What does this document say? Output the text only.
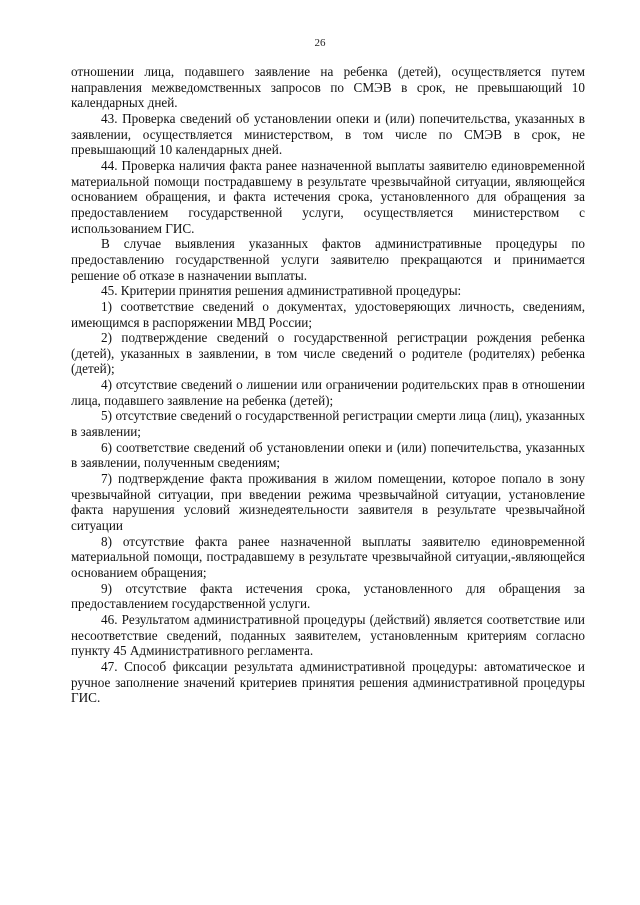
26

отношении лица, подавшего заявление на ребенка (детей), осуществляется путем направления межведомственных запросов по СМЭВ в срок, не превышающий 10 календарных дней.

43. Проверка сведений об установлении опеки и (или) попечительства, указанных в заявлении, осуществляется министерством, в том числе по СМЭВ в срок, не превышающий 10 календарных дней.

44. Проверка наличия факта ранее назначенной выплаты заявителю единовременной материальной помощи пострадавшему в результате чрезвычайной ситуации, являющейся основанием обращения, и факта истечения срока, установленного для обращения за предоставлением государственной услуги, осуществляется министерством с использованием ГИС.

В случае выявления указанных фактов административные процедуры по предоставлению государственной услуги заявителю прекращаются и принимается решение об отказе в назначении выплаты.

45. Критерии принятия решения административной процедуры:

1) соответствие сведений о документах, удостоверяющих личность, сведениям, имеющимся в распоряжении МВД России;

2) подтверждение сведений о государственной регистрации рождения ребенка (детей), указанных в заявлении, в том числе сведений о родителе (родителях) ребенка (детей);

4) отсутствие сведений о лишении или ограничении родительских прав в отношении лица, подавшего заявление на ребенка (детей);

5) отсутствие сведений о государственной регистрации смерти лица (лиц), указанных в заявлении;

6) соответствие сведений об установлении опеки и (или) попечительства, указанных в заявлении, полученным сведениям;

7) подтверждение факта проживания в жилом помещении, которое попало в зону чрезвычайной ситуации, при введении режима чрезвычайной ситуации, установление факта нарушения условий жизнедеятельности заявителя в результате чрезвычайной ситуации

8) отсутствие факта ранее назначенной выплаты заявителю единовременной материальной помощи, пострадавшему в результате чрезвычайной ситуации,-являющейся основанием обращения;

9) отсутствие факта истечения срока, установленного для обращения за предоставлением государственной услуги.

46. Результатом административной процедуры (действий) является соответствие или несоответствие сведений, поданных заявителем, установленным критериям согласно пункту 45 Административного регламента.

47. Способ фиксации результата административной процедуры: автоматическое и ручное заполнение значений критериев принятия решения административной процедуры ГИС.
